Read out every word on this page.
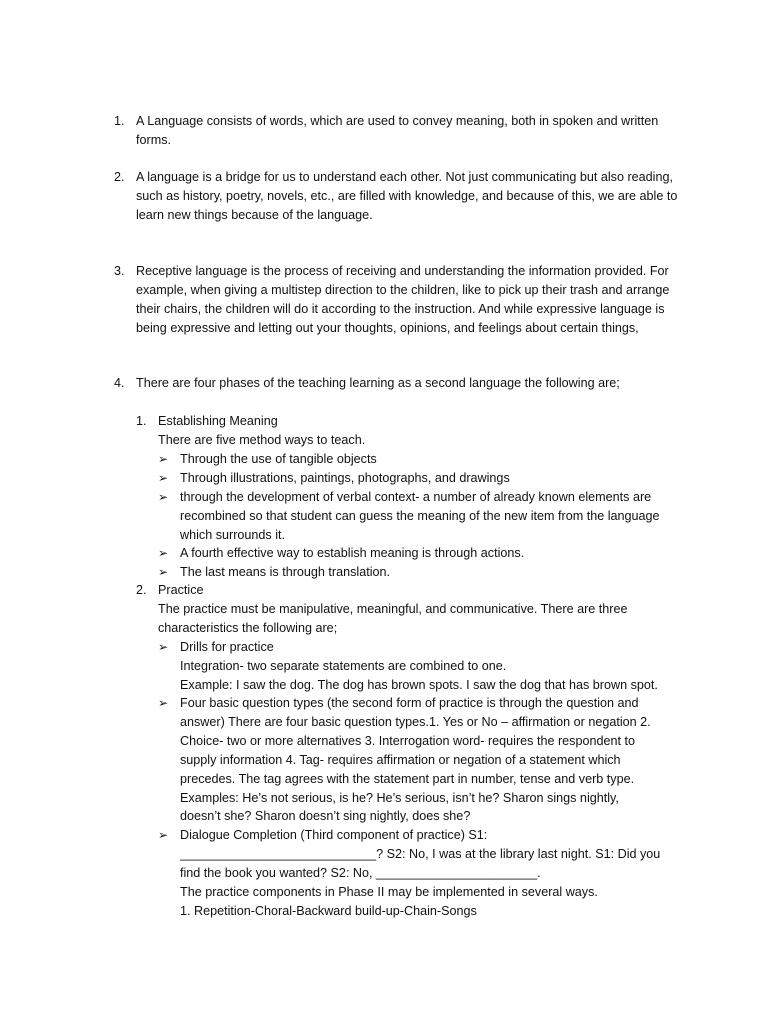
1. A Language consists of words, which are used to convey meaning, both in spoken and written forms.
2. A language is a bridge for us to understand each other. Not just communicating but also reading, such as history, poetry, novels, etc., are filled with knowledge, and because of this, we are able to learn new things because of the language.
3. Receptive language is the process of receiving and understanding the information provided. For example, when giving a multistep direction to the children, like to pick up their trash and arrange their chairs, the children will do it according to the instruction. And while expressive language is being expressive and letting out your thoughts, opinions, and feelings about certain things,
4. There are four phases of the teaching learning as a second language the following are;
1. Establishing Meaning

There are five method ways to teach.

➢ Through the use of tangible objects
➢ Through illustrations, paintings, photographs, and drawings
➢ through the development of verbal context- a number of already known elements are recombined so that student can guess the meaning of the new item from the language which surrounds it.
➢ A fourth effective way to establish meaning is through actions.
➢ The last means is through translation.
2. Practice

The practice must be manipulative, meaningful, and communicative. There are three characteristics the following are;

➢ Drills for practice

Integration- two separate statements are combined to one.

Example: I saw the dog. The dog has brown spots. I saw the dog that has brown spot.

➢ Four basic question types (the second form of practice is through the question and answer) There are four basic question types.1. Yes or No – affirmation or negation 2. Choice- two or more alternatives 3. Interrogation word- requires the respondent to supply information 4. Tag- requires affirmation or negation of a statement which precedes. The tag agrees with the statement part in number, tense and verb type. Examples: He’s not serious, is he? He’s serious, isn’t he? Sharon sings nightly, doesn’t she? Sharon doesn’t sing nightly, does she?
➢ Dialogue Completion (Third component of practice) S1: ____________________________? S2: No, I was at the library last night. S1: Did you find the book you wanted? S2: No, _______________________.

The practice components in Phase II may be implemented in several ways.

1. Repetition-Choral-Backward build-up-Chain-Songs
